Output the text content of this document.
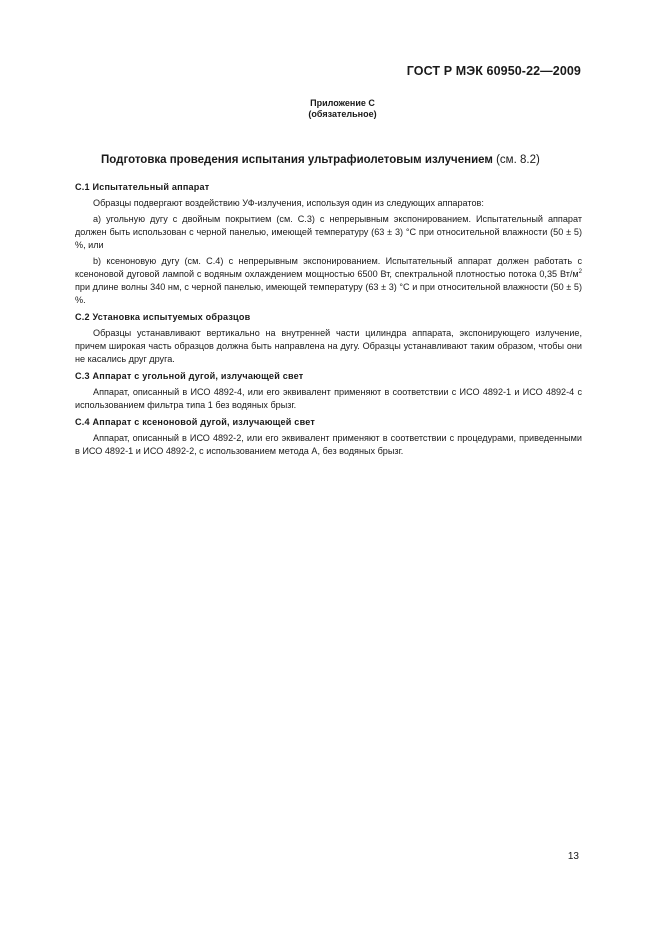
ГОСТ Р МЭК 60950-22—2009
Приложение С
(обязательное)
Подготовка проведения испытания ультрафиолетовым излучением (см. 8.2)
С.1 Испытательный аппарат
Образцы подвергают воздействию УФ-излучения, используя один из следующих аппаратов:
а) угольную дугу с двойным покрытием (см. С.3) с непрерывным экспонированием. Испытательный аппарат должен быть использован с черной панелью, имеющей температуру (63 ± 3) °С при относительной влажности (50 ± 5) %, или
b) ксеноновую дугу (см. С.4) с непрерывным экспонированием. Испытательный аппарат должен работать с ксеноновой дуговой лампой с водяным охлаждением мощностью 6500 Вт, спектральной плотностью потока 0,35 $Вт/м^2$ при длине волны 340 нм, с черной панелью, имеющей температуру (63 ± 3) °С и при относительной влажности (50 ± 5) %.
С.2 Установка испытуемых образцов
Образцы устанавливают вертикально на внутренней части цилиндра аппарата, экспонирующего излучение, причем широкая часть образцов должна быть направлена на дугу. Образцы устанавливают таким образом, чтобы они не касались друг друга.
С.3 Аппарат с угольной дугой, излучающей свет
Аппарат, описанный в ИСО 4892-4, или его эквивалент применяют в соответствии с ИСО 4892-1 и ИСО 4892-4 с использованием фильтра типа 1 без водяных брызг.
С.4 Аппарат с ксеноновой дугой, излучающей свет
Аппарат, описанный в ИСО 4892-2, или его эквивалент применяют в соответствии с процедурами, приведенными в ИСО 4892-1 и ИСО 4892-2, с использованием метода А, без водяных брызг.
13
